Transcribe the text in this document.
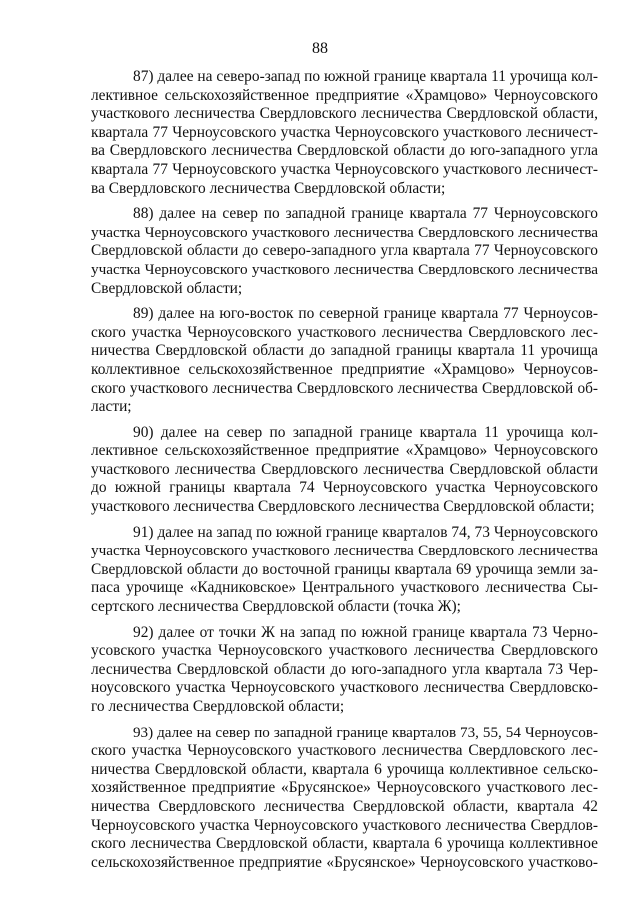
88
87) далее на северо-запад по южной границе квартала 11 урочища кол-
лективное сельскохозяйственное предприятие «Храмцово» Черноусовского
участкового лесничества Свердловского лесничества Свердловской области,
квартала 77 Черноусовского участка Черноусовского участкового лесничест-
ва Свердловского лесничества Свердловской области до юго-западного угла
квартала 77 Черноусовского участка Черноусовского участкового лесничест-
ва Свердловского лесничества Свердловской области;
88) далее на север по западной границе квартала 77 Черноусовского
участка Черноусовского участкового лесничества Свердловского лесничества
Свердловской области до северо-западного угла квартала 77 Черноусовского
участка Черноусовского участкового лесничества Свердловского лесничества
Свердловской области;
89) далее на юго-восток по северной границе квартала 77 Черноусов-
ского участка Черноусовского участкового лесничества Свердловского лес-
ничества Свердловской области до западной границы квартала 11 урочища
коллективное сельскохозяйственное предприятие «Храмцово» Черноусов-
ского участкового лесничества Свердловского лесничества Свердловской об-
ласти;
90) далее на север по западной границе квартала 11 урочища кол-
лективное сельскохозяйственное предприятие «Храмцово» Черноусовского
участкового лесничества Свердловского лесничества Свердловской области
до южной границы квартала 74 Черноусовского участка Черноусовского
участкового лесничества Свердловского лесничества Свердловской области;
91) далее на запад по южной границе кварталов 74, 73 Черноусовского
участка Черноусовского участкового лесничества Свердловского лесничества
Свердловской области до восточной границы квартала 69 урочища земли за-
паса урочище «Кадниковское» Центрального участкового лесничества Сы-
сертского лесничества Свердловской области (точка Ж);
92) далее от точки Ж на запад по южной границе квартала 73 Черно-
усовского участка Черноусовского участкового лесничества Свердловского
лесничества Свердловской области до юго-западного угла квартала 73 Чер-
ноусовского участка Черноусовского участкового лесничества Свердловско-
го лесничества Свердловской области;
93) далее на север по западной границе кварталов 73, 55, 54 Черноусов-
ского участка Черноусовского участкового лесничества Свердловского лес-
ничества Свердловской области, квартала 6 урочища коллективное сельско-
хозяйственное предприятие «Брусянское» Черноусовского участкового лес-
ничества Свердловского лесничества Свердловской области, квартала 42
Черноусовского участка Черноусовского участкового лесничества Свердлов-
ского лесничества Свердловской области, квартала 6 урочища коллективное
сельскохозяйственное предприятие «Брусянское» Черноусовского участково-
